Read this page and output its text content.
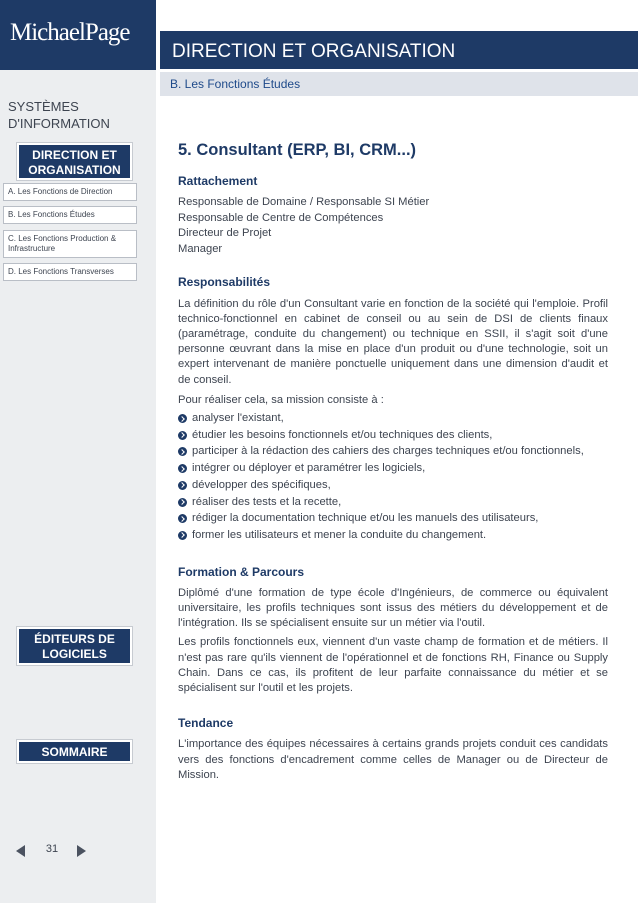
MichaelPage
SYSTÈMES D'INFORMATION
DIRECTION ET
ORGANISATION
A. Les Fonctions de Direction
B. Les Fonctions Études
C. Les Fonctions Production & Infrastructure
D. Les Fonctions Transverses
ÉDITEURS DE
LOGICIELS
SOMMAIRE
31
DIRECTION ET ORGANISATION
B. Les Fonctions Études
5. Consultant (ERP, BI, CRM...)
Rattachement
Responsable de Domaine / Responsable SI Métier
Responsable de Centre de Compétences
Directeur de Projet
Manager
Responsabilités

La définition du rôle d'un Consultant varie en fonction de la société qui l'emploie. Profil technico-fonctionnel en cabinet de conseil ou au sein de DSI de clients finaux (paramétrage, conduite du changement) ou technique en SSII, il s'agit soit d'une personne œuvrant dans la mise en place d'un produit ou d'une technologie, soit un expert intervenant de manière ponctuelle uniquement dans une dimension d'audit et de conseil.

Pour réaliser cela, sa mission consiste à :

analyser l'existant,
étudier les besoins fonctionnels et/ou techniques des clients,
participer à la rédaction des cahiers des charges techniques et/ou fonctionnels,
intégrer ou déployer et paramétrer les logiciels,
développer des spécifiques,
réaliser des tests et la recette,
rédiger la documentation technique et/ou les manuels des utilisateurs,
former les utilisateurs et mener la conduite du changement.
Formation & Parcours

Diplômé d'une formation de type école d'Ingénieurs, de commerce ou équivalent universitaire, les profils techniques sont issus des métiers du développement et de l'intégration. Ils se spécialisent ensuite sur un métier via l'outil.

Les profils fonctionnels eux, viennent d'un vaste champ de formation et de métiers. Il n'est pas rare qu'ils viennent de l'opérationnel et de fonctions RH, Finance ou Supply Chain. Dans ce cas, ils profitent de leur parfaite connaissance du métier et se spécialisent sur l'outil et les projets.

Tendance

L'importance des équipes nécessaires à certains grands projets conduit ces candidats vers des fonctions d'encadrement comme celles de Manager ou de Directeur de Mission.
